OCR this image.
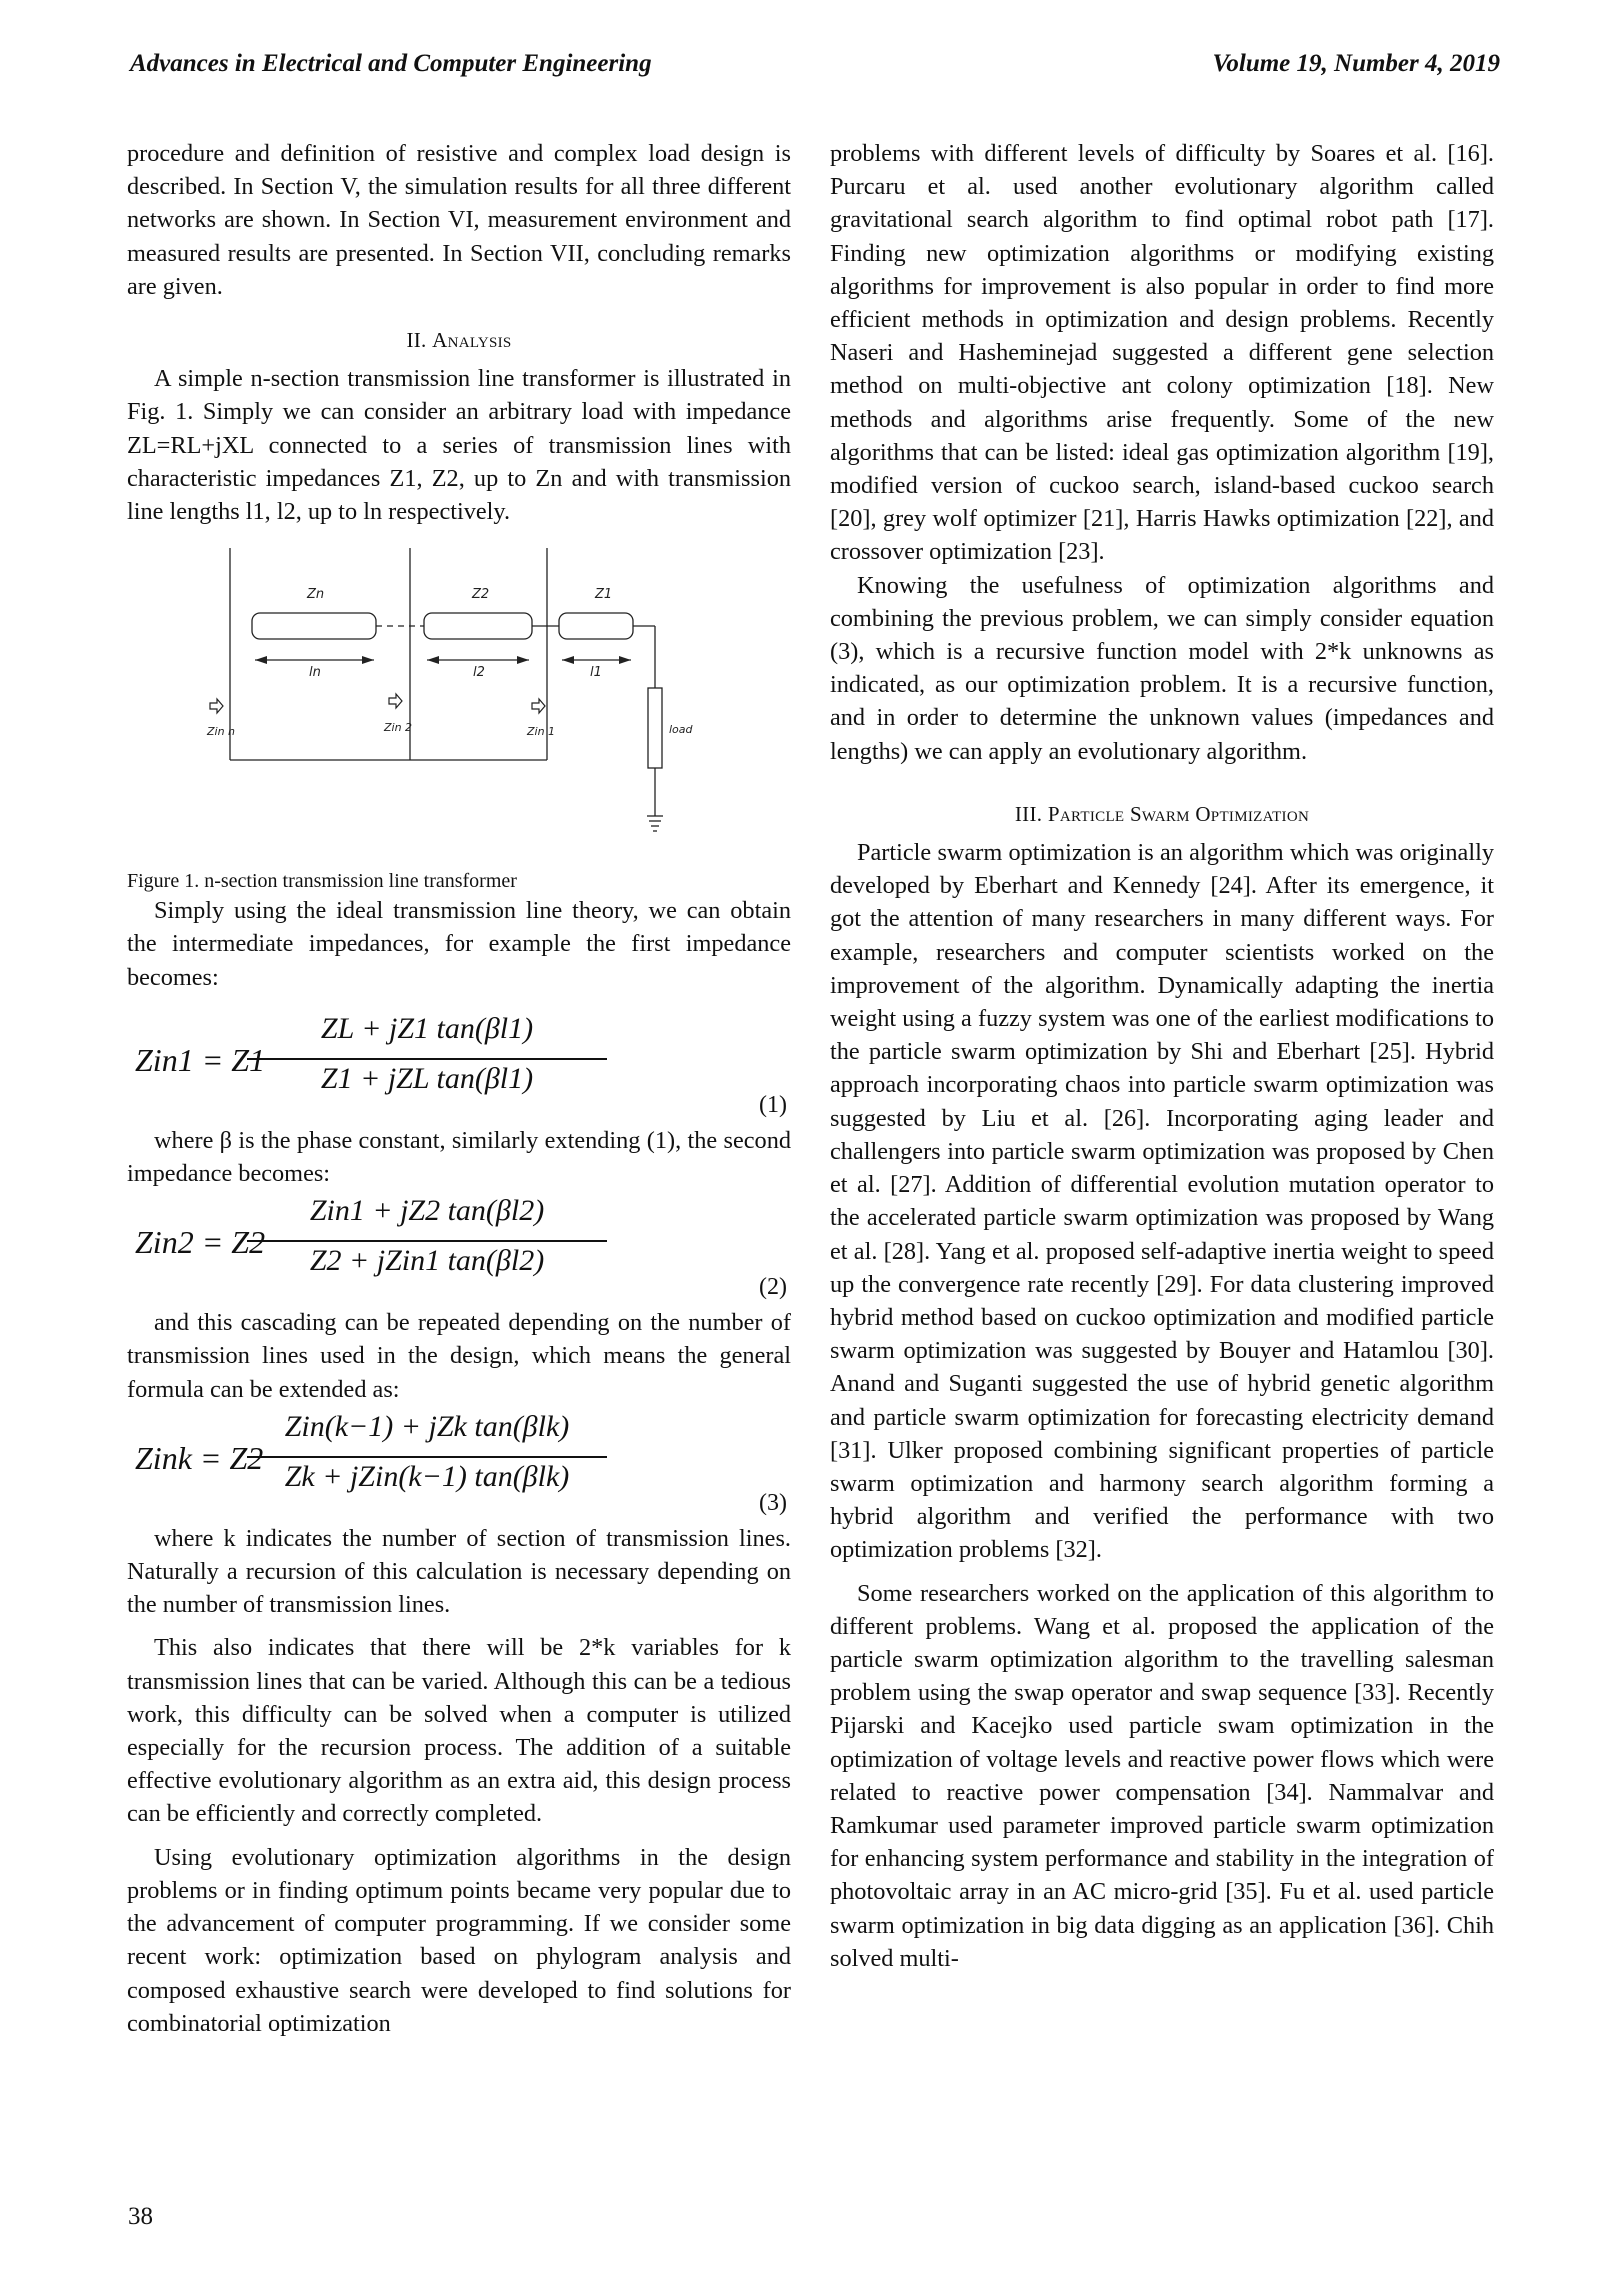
Advances in Electrical and Computer Engineering	Volume 19, Number 4, 2019

procedure and definition of resistive and complex load design is described. In Section V, the simulation results for all three different networks are shown. In Section VI, measurement environment and measured results are presented. In Section VII, concluding remarks are given.

II. Analysis

A simple n-section transmission line transformer is illustrated in Fig. 1. Simply we can consider an arbitrary load with impedance ZL=RL+jXL connected to a series of transmission lines with characteristic impedances Z1, Z2, up to Zn and with transmission line lengths l1, l2, up to ln respectively.

Zn	Z2	Z1
ln	l2	l1
Zin n	Zin 2	Zin 1	load

Figure 1. n-section transmission line transformer

Simply using the ideal transmission line theory, we can obtain the intermediate impedances, for example the first impedance becomes:

Zin1 = Z1
ZL + jZ1 tan(βl1)
Z1 + jZL tan(βl1)
(1)

where β is the phase constant, similarly extending (1), the second impedance becomes:

Zin2 = Z2
Zin1 + jZ2 tan(βl2)
Z2 + jZin1 tan(βl2)
(2)

and this cascading can be repeated depending on the number of transmission lines used in the design, which means the general formula can be extended as:

Zink = Z2
Zin(k−1) + jZk tan(βlk)
Zk + jZin(k−1) tan(βlk)
(3)

where k indicates the number of section of transmission lines. Naturally a recursion of this calculation is necessary depending on the number of transmission lines.

This also indicates that there will be 2*k variables for k transmission lines that can be varied. Although this can be a tedious work, this difficulty can be solved when a computer is utilized especially for the recursion process. The addition of a suitable effective evolutionary algorithm as an extra aid, this design process can be efficiently and correctly completed.

Using evolutionary optimization algorithms in the design problems or in finding optimum points became very popular due to the advancement of computer programming. If we consider some recent work: optimization based on phylogram analysis and composed exhaustive search were developed to find solutions for combinatorial optimization

problems with different levels of difficulty by Soares et al. [16]. Purcaru et al. used another evolutionary algorithm called gravitational search algorithm to find optimal robot path [17]. Finding new optimization algorithms or modifying existing algorithms for improvement is also popular in order to find more efficient methods in optimization and design problems. Recently Naseri and Hasheminejad suggested a different gene selection method on multi-objective ant colony optimization [18]. New methods and algorithms arise frequently. Some of the new algorithms that can be listed: ideal gas optimization algorithm [19], modified version of cuckoo search, island-based cuckoo search [20], grey wolf optimizer [21], Harris Hawks optimization [22], and crossover optimization [23].

Knowing the usefulness of optimization algorithms and combining the previous problem, we can simply consider equation (3), which is a recursive function model with 2*k unknowns as indicated, as our optimization problem. It is a recursive function, and in order to determine the unknown values (impedances and lengths) we can apply an evolutionary algorithm.

III. Particle Swarm Optimization

Particle swarm optimization is an algorithm which was originally developed by Eberhart and Kennedy [24]. After its emergence, it got the attention of many researchers in many different ways. For example, researchers and computer scientists worked on the improvement of the algorithm. Dynamically adapting the inertia weight using a fuzzy system was one of the earliest modifications to the particle swarm optimization by Shi and Eberhart [25]. Hybrid approach incorporating chaos into particle swarm optimization was suggested by Liu et al. [26]. Incorporating aging leader and challengers into particle swarm optimization was proposed by Chen et al. [27]. Addition of differential evolution mutation operator to the accelerated particle swarm optimization was proposed by Wang et al. [28]. Yang et al. proposed self-adaptive inertia weight to speed up the convergence rate recently [29]. For data clustering improved hybrid method based on cuckoo optimization and modified particle swarm optimization was suggested by Bouyer and Hatamlou [30]. Anand and Suganti suggested the use of hybrid genetic algorithm and particle swarm optimization for forecasting electricity demand [31]. Ulker proposed combining significant properties of particle swarm optimization and harmony search algorithm forming a hybrid algorithm and verified the performance with two optimization problems [32].

Some researchers worked on the application of this algorithm to different problems. Wang et al. proposed the application of the particle swarm optimization algorithm to the travelling salesman problem using the swap operator and swap sequence [33]. Recently Pijarski and Kacejko used particle swam optimization in the optimization of voltage levels and reactive power flows which were related to reactive power compensation [34]. Nammalvar and Ramkumar used parameter improved particle swarm optimization for enhancing system performance and stability in the integration of photovoltaic array in an AC micro-grid [35]. Fu et al. used particle swarm optimization in big data digging as an application [36]. Chih solved multi-

38
